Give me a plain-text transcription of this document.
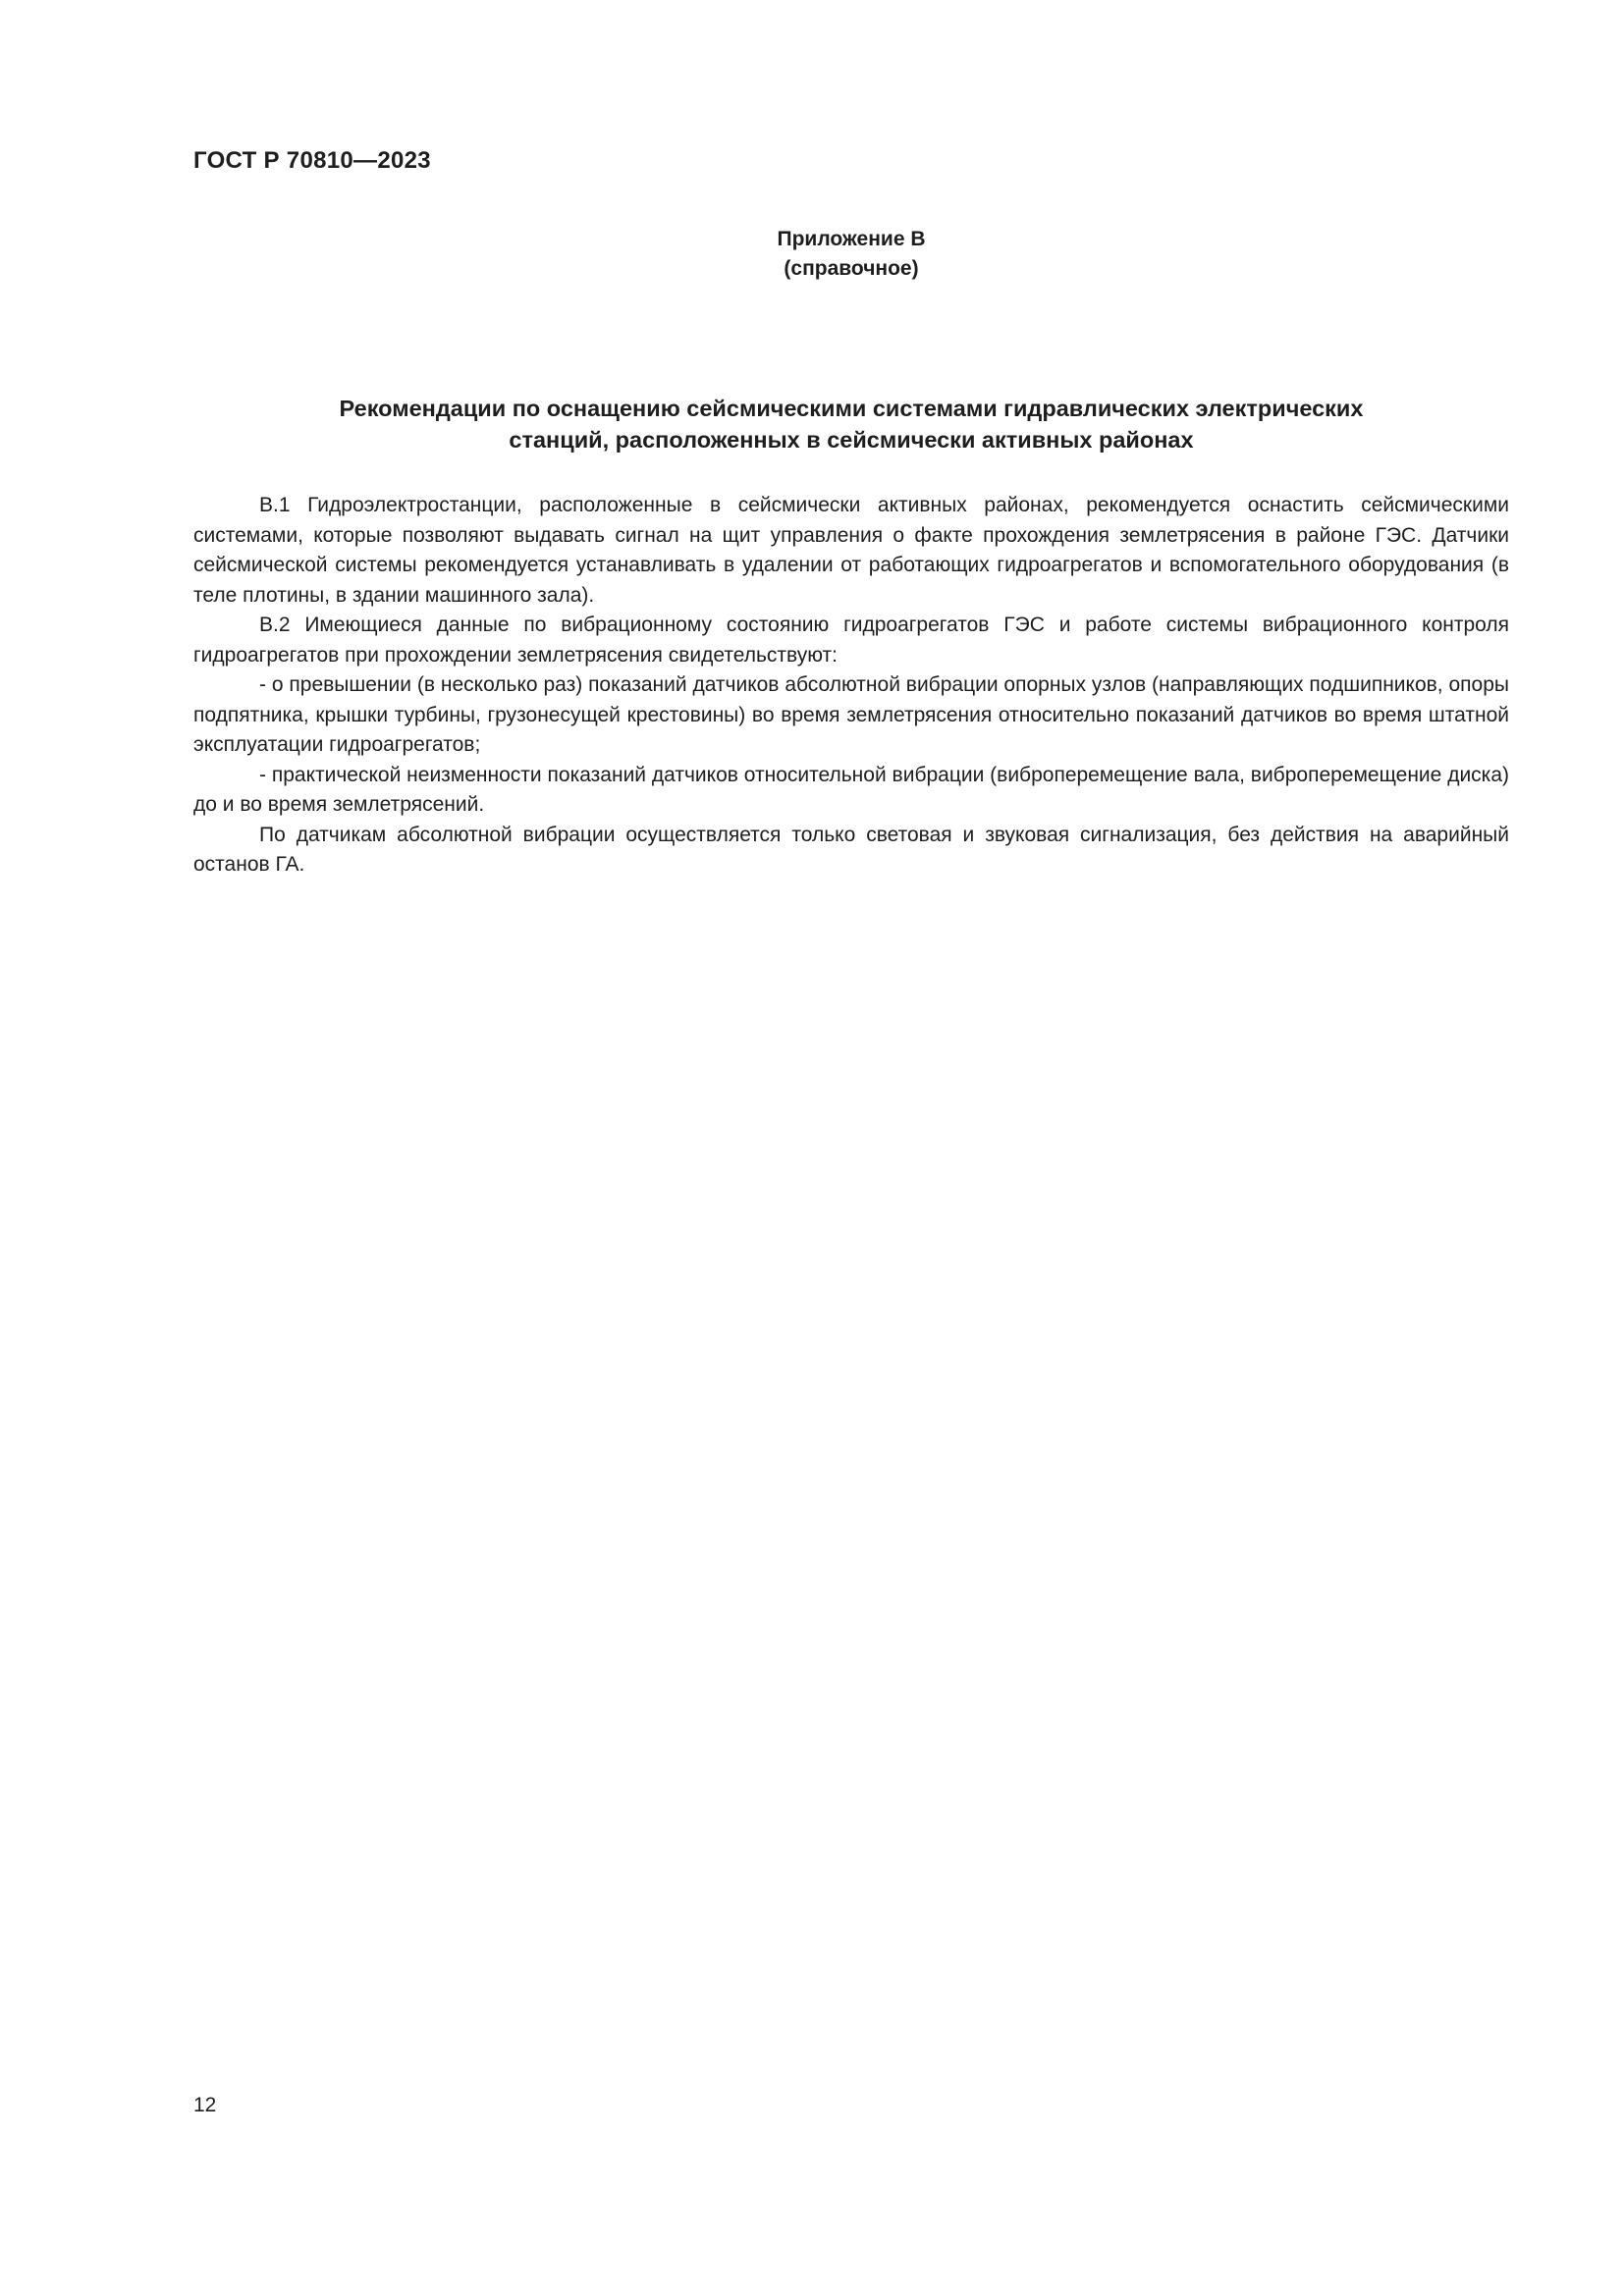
ГОСТ Р 70810—2023

Приложение В
(справочное)
Рекомендации по оснащению сейсмическими системами гидравлических электрических
станций, расположенных в сейсмически активных районах

В.1 Гидроэлектростанции, расположенные в сейсмически активных районах, рекомендуется оснастить сейсмическими системами, которые позволяют выдавать сигнал на щит управления о факте прохождения землетрясения в районе ГЭС. Датчики сейсмической системы рекомендуется устанавливать в удалении от работающих гидроагрегатов и вспомогательного оборудования (в теле плотины, в здании машинного зала).

В.2 Имеющиеся данные по вибрационному состоянию гидроагрегатов ГЭС и работе системы вибрационного контроля гидроагрегатов при прохождении землетрясения свидетельствуют:

- о превышении (в несколько раз) показаний датчиков абсолютной вибрации опорных узлов (направляющих подшипников, опоры подпятника, крышки турбины, грузонесущей крестовины) во время землетрясения относительно показаний датчиков во время штатной эксплуатации гидроагрегатов;

- практической неизменности показаний датчиков относительной вибрации (виброперемещение вала, виброперемещение диска) до и во время землетрясений.

По датчикам абсолютной вибрации осуществляется только световая и звуковая сигнализация, без действия на аварийный останов ГА.

12
